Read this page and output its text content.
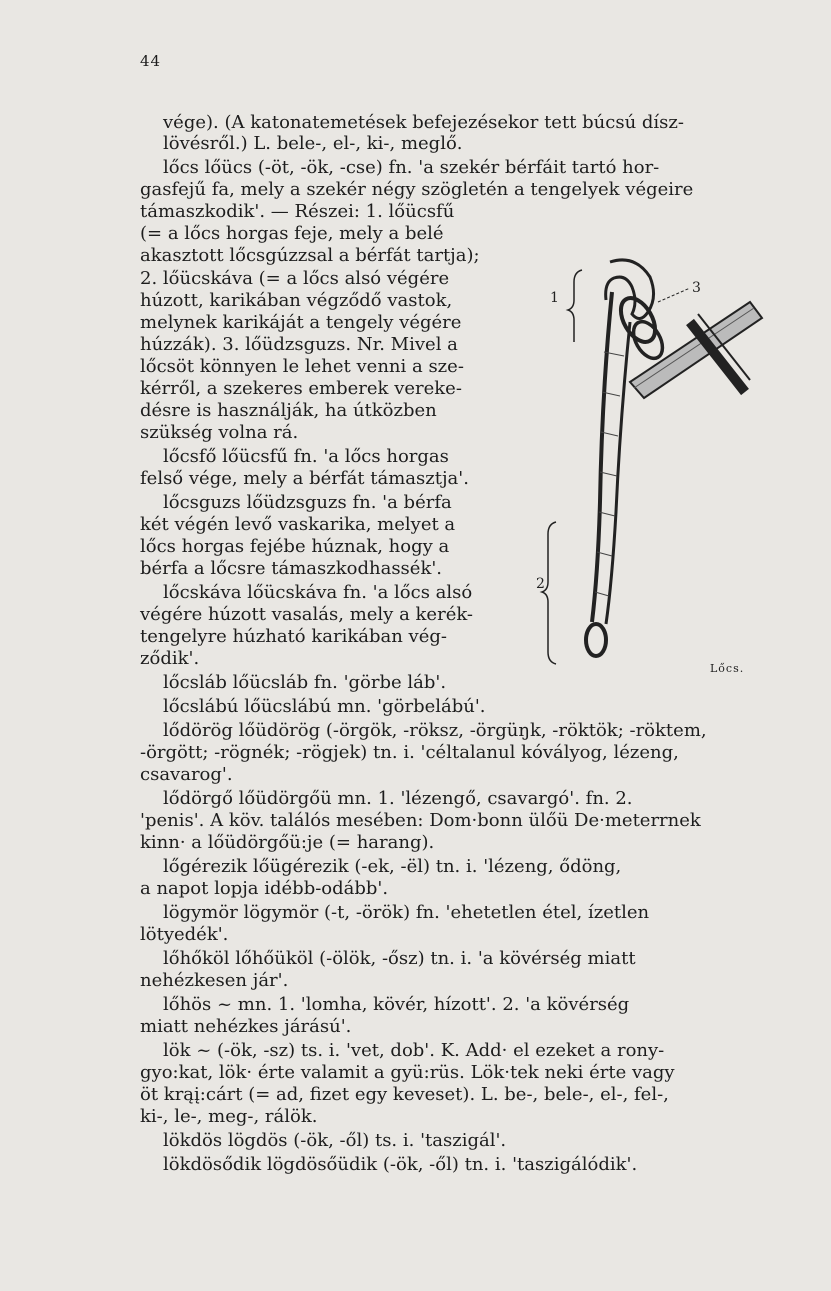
44
vége). (A katonatemetések befejezésekor tett búcsú dísz-
lövésről.) L. bele-, el-, ki-, meglő.
lőcs lőücs (-öt, -ök, -cse) fn. 'a szekér bérfáit tartó hor-
gasfejű fa, mely a szekér négy szögletén a tengelyek végeire
támaszkodik'. — Részei: 1. lőücsfű
(= a lőcs horgas feje, mely a belé
akasztott lőcsgúzzsal a bérfát tartja);
2. lőücskáva (= a lőcs alsó végére
húzott, karikában végződő vastok,
melynek karikáját a tengely végére
húzzák). 3. lőüdzsguzs. Nr. Mivel a
lőcsöt könnyen le lehet venni a sze-
kérről, a szekeres emberek vereke-
désre is használják, ha útközben
szükség volna rá.
lőcsfő lőücsfű fn. 'a lőcs horgas
felső vége, mely a bérfát támasztja'.
lőcsguzs lőüdzsguzs fn. 'a bérfa
két végén levő vaskarika, melyet a
lőcs horgas fejébe húznak, hogy a
bérfa a lőcsre támaszkodhassék'.
lőcskáva lőücskáva fn. 'a lőcs alsó
végére húzott vasalás, mely a kerék-
tengelyre húzható karikában vég-
ződik'.
lőcsláb lőücsláb fn. 'görbe láb'.
lőcslábú lőücslábú mn. 'görbelábú'.
lődörög lőüdörög (-örgök, -röksz, -örgüŋk, -röktök; -röktem,
-örgött; -rögnék; -rögjek) tn. i. 'céltalanul kóvályog, lézeng,
csavarog'.
lődörgő lőüdörgőü mn. 1. 'lézengő, csavargó'. fn. 2.
'penis'. A köv. találós mesében: Dom·bonn ülőü De·meterrnek
kinn· a lőüdörgőü:je (= harang).
lőgérezik lőügérezik (-ek, -ël) tn. i. 'lézeng, ődöng,
a napot lopja idébb-odább'.
lögymör lögymör (-t, -örök) fn. 'ehetetlen étel, ízetlen
lötyedék'.
lőhőköl lőhőüköl (-ölök, -ősz) tn. i. 'a kövérség miatt
nehézkesen jár'.
lőhös ~ mn. 1. 'lomha, kövér, hízott'. 2. 'a kövérség
miatt nehézkes járású'.
lök ~ (-ök, -sz) ts. i. 'vet, dob'. K. Add· el ezeket a rony-
gyo:kat, lök· érte valamit a gyü:rüs. Lök·tek neki érte vagy
öt krąį:cárt (= ad, fizet egy keveset). L. be-, bele-, el-, fel-,
ki-, le-, meg-, rálök.
lökdös lögdös (-ök, -ől) ts. i. 'taszigál'.
lökdösődik lögdösőüdik (-ök, -ől) tn. i. 'taszigálódik'.
1
2
3
Lőcs.
